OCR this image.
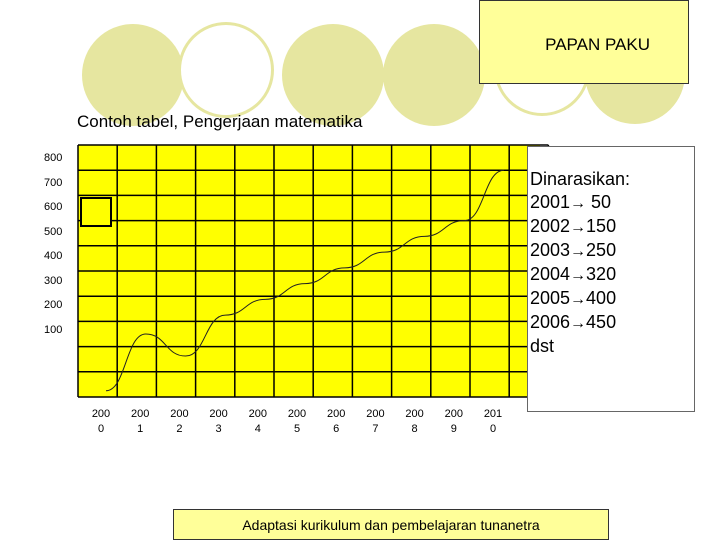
PAPAN PAKU
Contoh tabel, Pengerjaan matematika
800
700
600
500
400
300
200
100
200
0
200
1
200
2
200
3
200
4
200
5
200
6
200
7
200
8
200
9
201
0
Dinarasikan:
2001→ 50
2002→150
2003→250
2004→320
2005→400
2006→450
dst
Adaptasi kurikulum dan pembelajaran tunanetra
